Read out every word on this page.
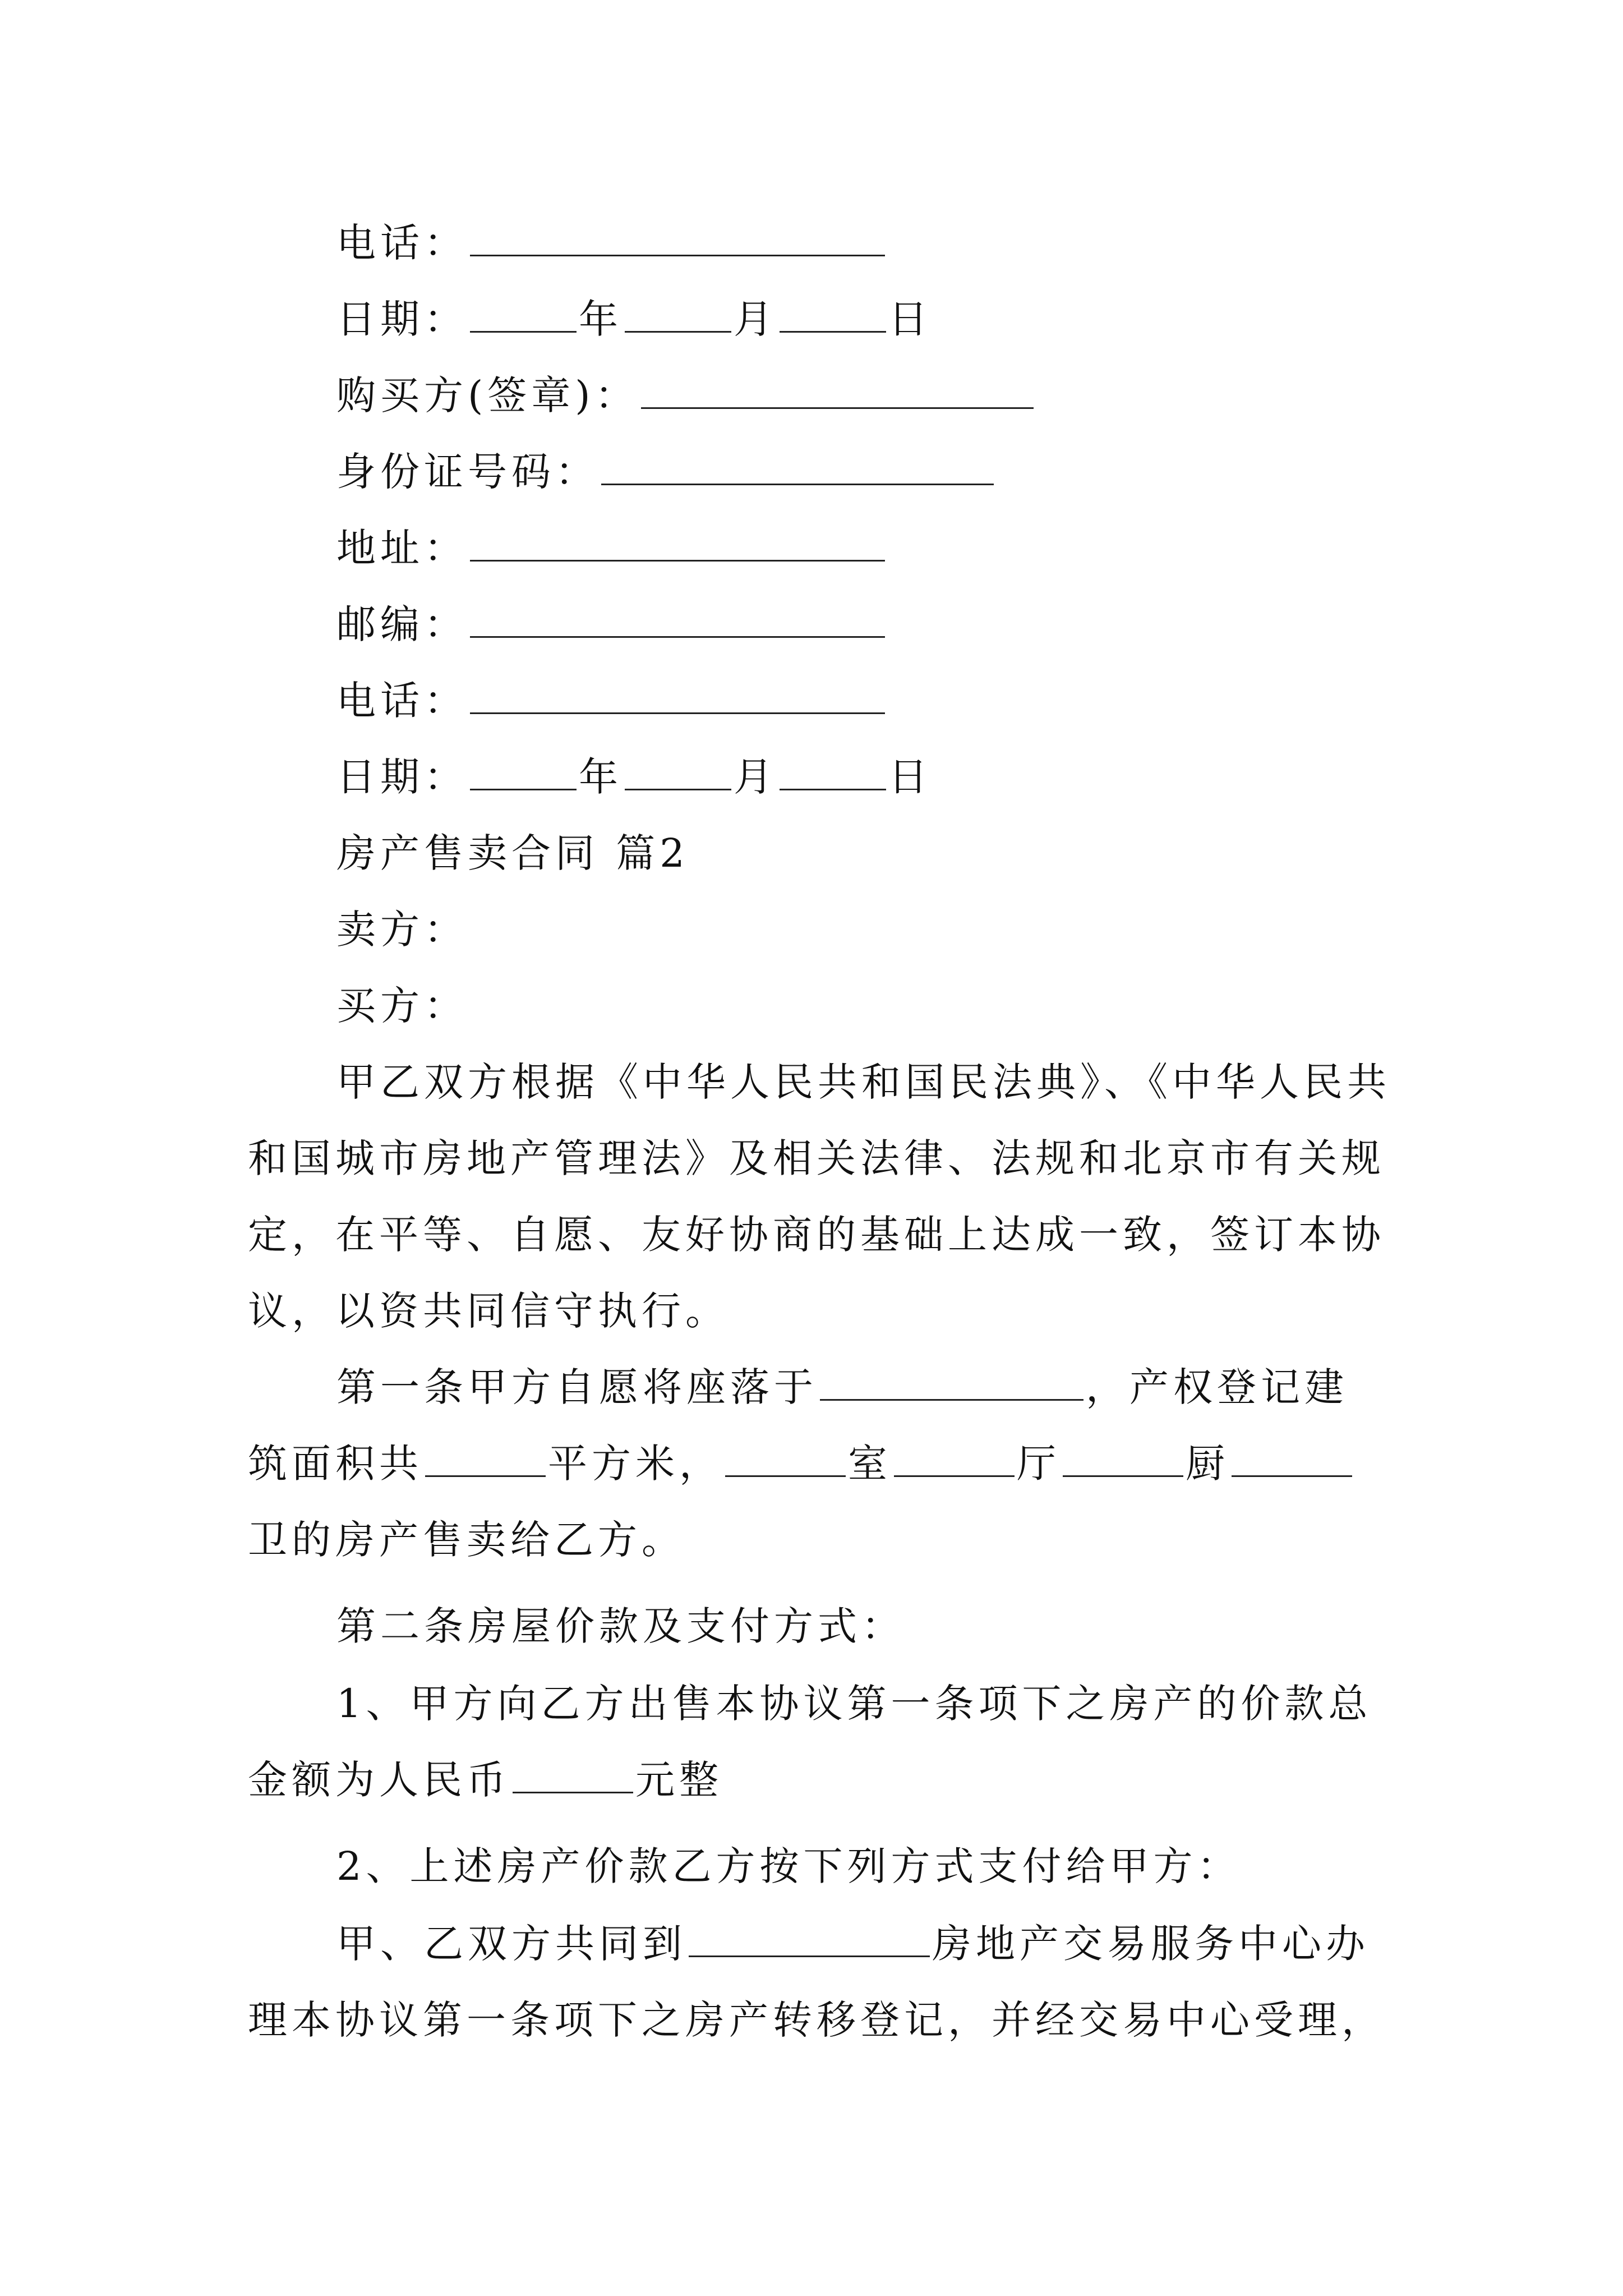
电话：
日期：	年	月	日
购买方(签章)：
身份证号码：
地址：
邮编：
电话：
日期：	年	月	日
房产售卖合同 篇2
卖方：
买方：
甲乙双方根据《中华人民共和国民法典》、《中华人民共
和国城市房地产管理法》及相关法律、法规和北京市有关规
定，在平等、自愿、友好协商的基础上达成一致，签订本协
议，以资共同信守执行。
第一条甲方自愿将座落于	，产权登记建
筑面积共	平方米，	室	厅	厨
卫的房产售卖给乙方。
第二条房屋价款及支付方式：
1、甲方向乙方出售本协议第一条项下之房产的价款总
金额为人民币	元整
2、上述房产价款乙方按下列方式支付给甲方：
甲、乙双方共同到	房地产交易服务中心办
理本协议第一条项下之房产转移登记，并经交易中心受理，
